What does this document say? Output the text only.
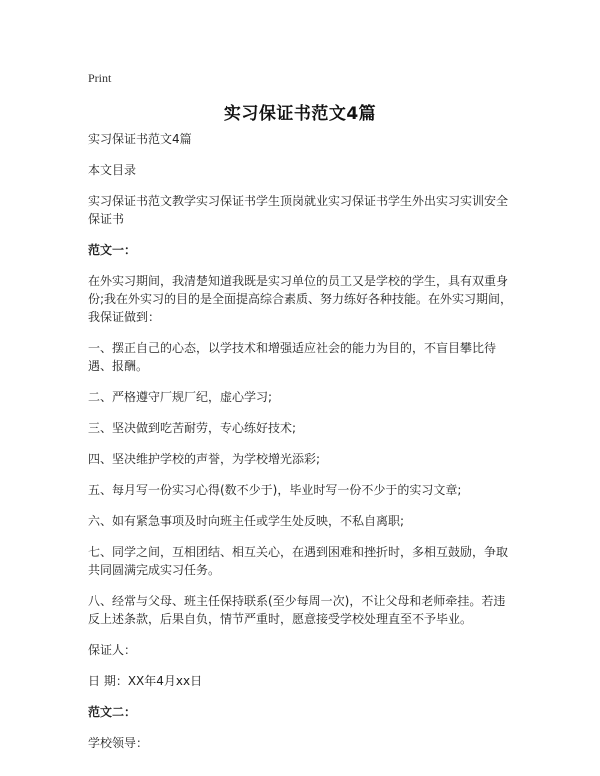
Print
实习保证书范文4篇

实习保证书范文4篇

本文目录

实习保证书范文教学实习保证书学生顶岗就业实习保证书学生外出实习实训安全保证书

范文一：

在外实习期间，我清楚知道我既是实习单位的员工又是学校的学生，具有双重身份;我在外实习的目的是全面提高综合素质、努力练好各种技能。在外实习期间，我保证做到：

一、摆正自己的心态，以学技术和增强适应社会的能力为目的，不盲目攀比待遇、报酬。

二、严格遵守厂规厂纪，虚心学习;

三、坚决做到吃苦耐劳，专心练好技术;

四、坚决维护学校的声誉，为学校增光添彩;

五、每月写一份实习心得(数不少于)，毕业时写一份不少于的实习文章;

六、如有紧急事项及时向班主任或学生处反映，不私自离职;

七、同学之间，互相团结、相互关心，在遇到困难和挫折时，多相互鼓励，争取共同圆满完成实习任务。

八、经常与父母、班主任保持联系(至少每周一次)，不让父母和老师牵挂。若违反上述条款，后果自负，情节严重时，愿意接受学校处理直至不予毕业。

保证人：

日 期：XX年4月xx日

范文二：

学校领导：
